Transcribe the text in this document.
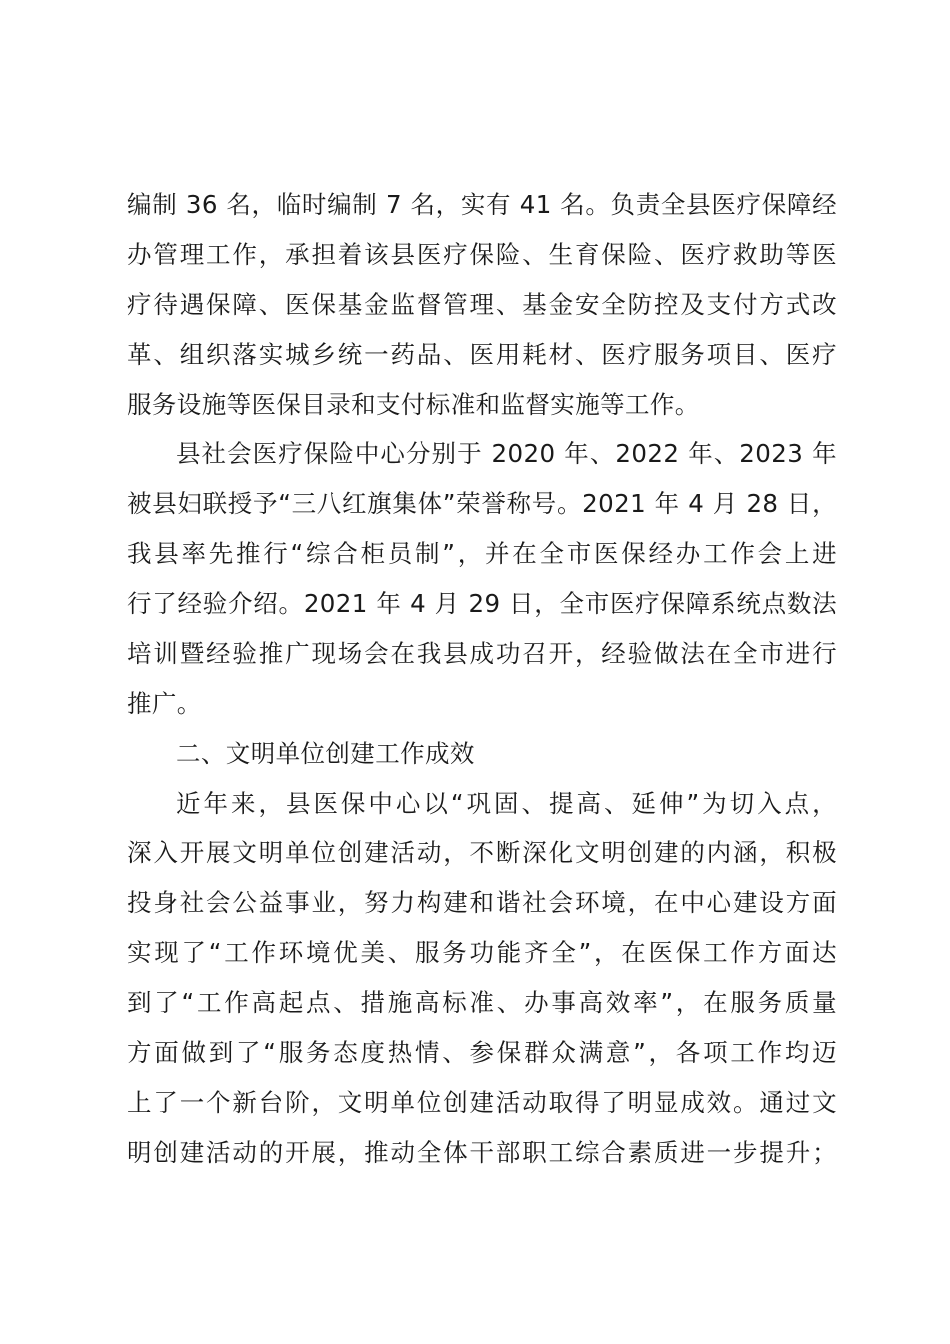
编制 36 名，临时编制 7 名，实有 41 名。负责全县医疗保障经
办管理工作，承担着该县医疗保险、生育保险、医疗救助等医
疗待遇保障、医保基金监督管理、基金安全防控及支付方式改
革、组织落实城乡统一药品、医用耗材、医疗服务项目、医疗
服务设施等医保目录和支付标准和监督实施等工作。
县社会医疗保险中心分别于 2020 年、2022 年、2023 年
被县妇联授予“三八红旗集体”荣誉称号。2021 年 4 月 28 日，
我县率先推行“综合柜员制”，并在全市医保经办工作会上进
行了经验介绍。2021 年 4 月 29 日，全市医疗保障系统点数法
培训暨经验推广现场会在我县成功召开，经验做法在全市进行
推广。
二、文明单位创建工作成效
近年来，县医保中心以“巩固、提高、延伸”为切入点，
深入开展文明单位创建活动，不断深化文明创建的内涵，积极
投身社会公益事业，努力构建和谐社会环境，在中心建设方面
实现了“工作环境优美、服务功能齐全”，在医保工作方面达
到了“工作高起点、措施高标准、办事高效率”，在服务质量
方面做到了“服务态度热情、参保群众满意”，各项工作均迈
上了一个新台阶，文明单位创建活动取得了明显成效。通过文
明创建活动的开展，推动全体干部职工综合素质进一步提升；
